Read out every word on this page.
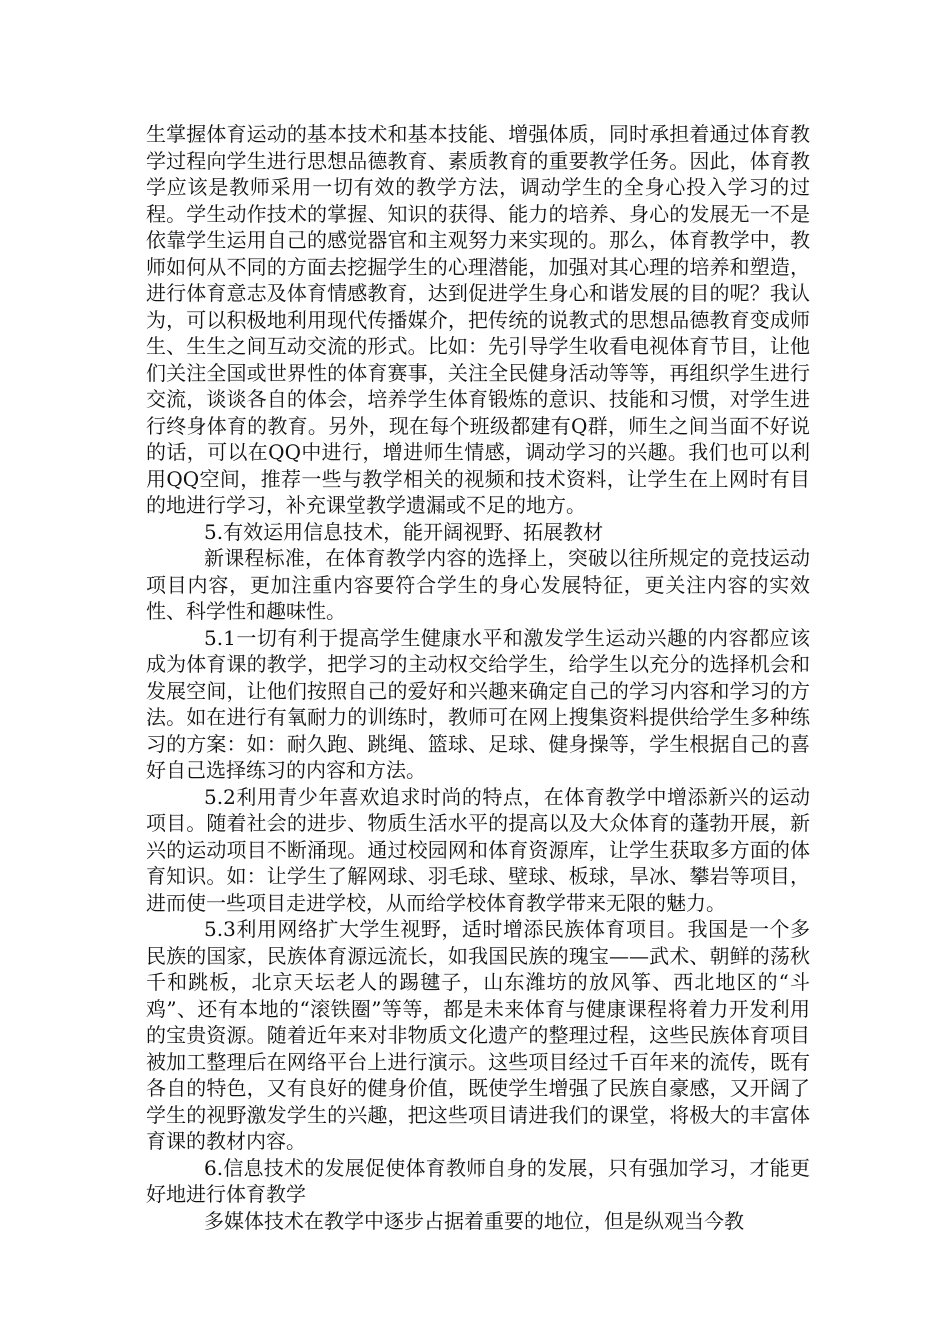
生掌握体育运动的基本技术和基本技能、增强体质，同时承担着通过体育教学过程向学生进行思想品德教育、素质教育的重要教学任务。因此，体育教学应该是教师采用一切有效的教学方法，调动学生的全身心投入学习的过程。学生动作技术的掌握、知识的获得、能力的培养、身心的发展无一不是依靠学生运用自己的感觉器官和主观努力来实现的。那么，体育教学中，教师如何从不同的方面去挖掘学生的心理潜能，加强对其心理的培养和塑造，进行体育意志及体育情感教育，达到促进学生身心和谐发展的目的呢？我认为，可以积极地利用现代传播媒介，把传统的说教式的思想品德教育变成师生、生生之间互动交流的形式。比如：先引导学生收看电视体育节目，让他们关注全国或世界性的体育赛事，关注全民健身活动等等，再组织学生进行交流，谈谈各自的体会，培养学生体育锻炼的意识、技能和习惯，对学生进行终身体育的教育。另外，现在每个班级都建有Q群，师生之间当面不好说的话，可以在QQ中进行，增进师生情感，调动学习的兴趣。我们也可以利用QQ空间，推荐一些与教学相关的视频和技术资料，让学生在上网时有目的地进行学习，补充课堂教学遗漏或不足的地方。

5.有效运用信息技术，能开阔视野、拓展教材

新课程标准，在体育教学内容的选择上，突破以往所规定的竞技运动项目内容，更加注重内容要符合学生的身心发展特征，更关注内容的实效性、科学性和趣味性。

5.1一切有利于提高学生健康水平和激发学生运动兴趣的内容都应该成为体育课的教学，把学习的主动权交给学生，给学生以充分的选择机会和发展空间，让他们按照自己的爱好和兴趣来确定自己的学习内容和学习的方法。如在进行有氧耐力的训练时，教师可在网上搜集资料提供给学生多种练习的方案：如：耐久跑、跳绳、篮球、足球、健身操等，学生根据自己的喜好自己选择练习的内容和方法。

5.2利用青少年喜欢追求时尚的特点，在体育教学中增添新兴的运动项目。随着社会的进步、物质生活水平的提高以及大众体育的蓬勃开展，新兴的运动项目不断涌现。通过校园网和体育资源库，让学生获取多方面的体育知识。如：让学生了解网球、羽毛球、壁球、板球，旱冰、攀岩等项目，进而使一些项目走进学校，从而给学校体育教学带来无限的魅力。

5.3利用网络扩大学生视野，适时增添民族体育项目。我国是一个多民族的国家，民族体育源远流长，如我国民族的瑰宝——武术、朝鲜的荡秋千和跳板，北京天坛老人的踢毽子，山东潍坊的放风筝、西北地区的“斗鸡”、还有本地的“滚铁圈”等等，都是未来体育与健康课程将着力开发利用的宝贵资源。随着近年来对非物质文化遗产的整理过程，这些民族体育项目被加工整理后在网络平台上进行演示。这些项目经过千百年来的流传，既有各自的特色，又有良好的健身价值，既使学生增强了民族自豪感，又开阔了学生的视野激发学生的兴趣，把这些项目请进我们的课堂，将极大的丰富体育课的教材内容。

6.信息技术的发展促使体育教师自身的发展，只有强加学习，才能更好地进行体育教学

多媒体技术在教学中逐步占据着重要的地位，但是纵观当今教
